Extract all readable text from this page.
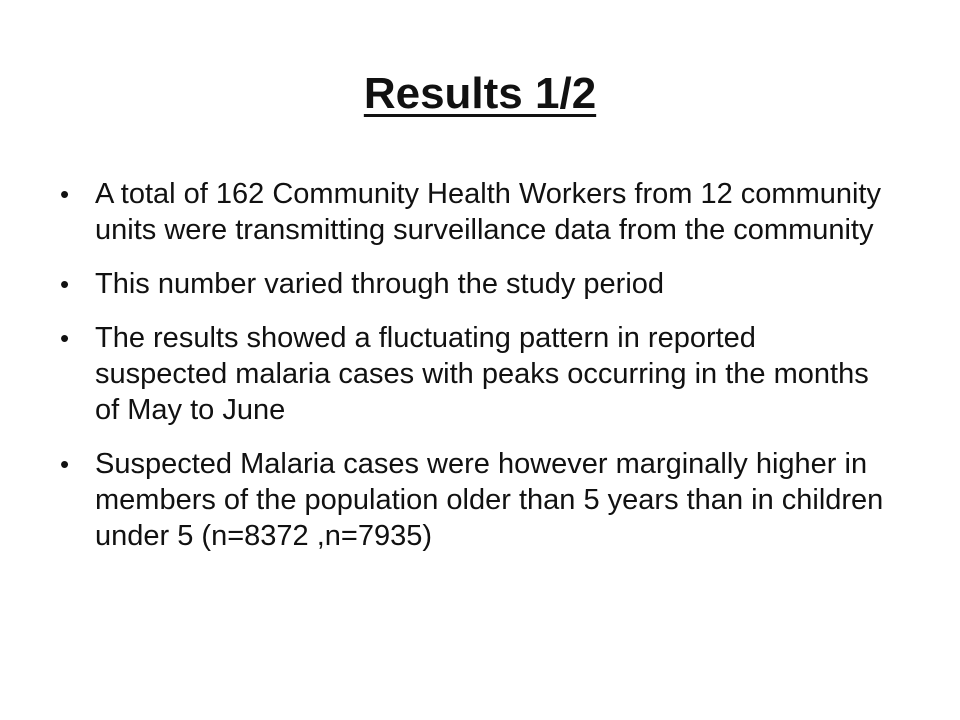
Results 1/2
• A total of 162 Community Health Workers from 12 community units were transmitting surveillance data from the community
• This number varied through the study period
• The results showed a fluctuating pattern in reported suspected malaria cases with peaks occurring in the months of May to June
• Suspected Malaria cases were however marginally higher in members of the population older than 5 years than in children under 5 (n=8372 ,n=7935)
